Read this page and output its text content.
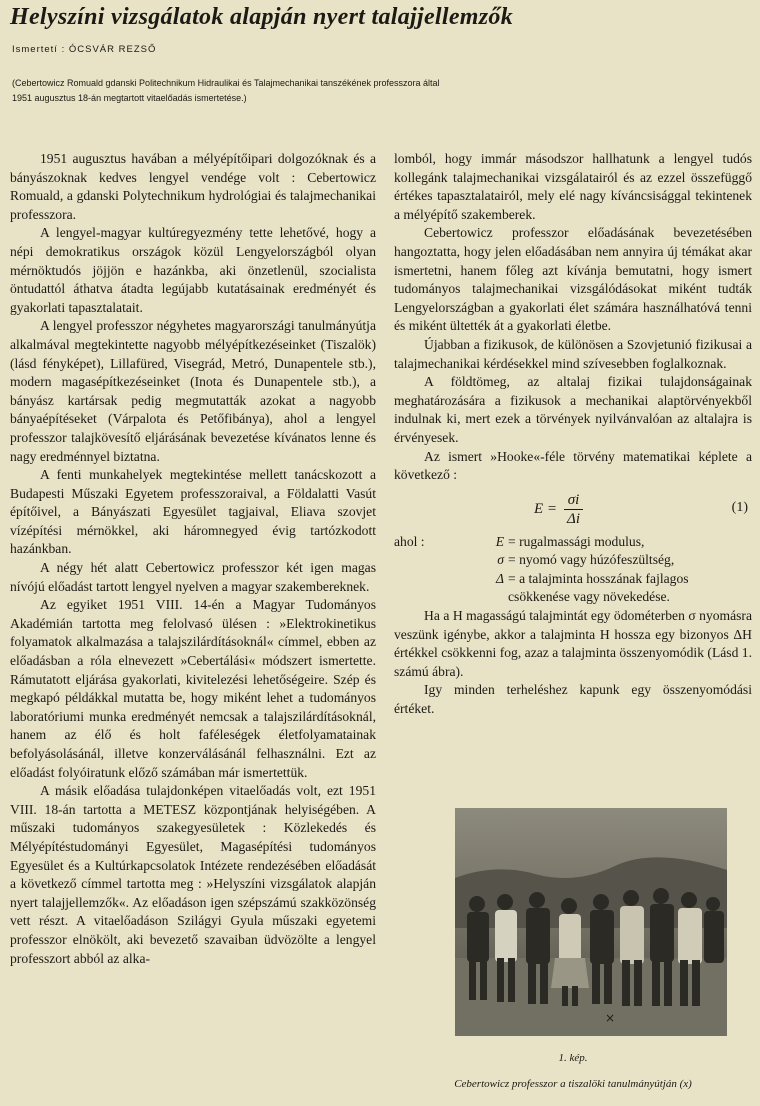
Helyszíni vizsgálatok alapján nyert talajjellemzők
Ismertetí : ÓCSVÁR REZSŐ
(Cebertowicz Romuald gdanski Politechnikum Hidraulikai és Talajmechanikai tanszékének professzora által
1951 augusztus 18-án megtartott vitaelőadás ismertetése.)

1951 augusztus havában a mélyépítőipari dolgozóknak és a bányászoknak kedves lengyel vendége volt : Cebertowicz Romuald, a gdanski Polytechnikum hydrológiai és talajmechanikai professzora.

A lengyel-magyar kultúregyezmény tette lehetővé, hogy a népi demokratikus országok közül Lengyelországból olyan mérnöktudós jöjjön e hazánkba, aki önzetlenül, szocialista öntudattól áthatva átadta legújabb kutatásainak eredményét és gyakorlati tapasztalatait.

A lengyel professzor négyhetes magyarországi tanulmányútja alkalmával megtekintette nagyobb mélyépítkezéseinket (Tiszalök) (lásd fényképet), Lillafüred, Visegrád, Metró, Dunapentele stb.), modern magasépítkezéseinket (Inota és Dunapentele stb.), a bányász kartársak pedig megmutatták azokat a nagyobb bányaépítéseket (Várpalota és Petőfibánya), ahol a lengyel professzor talajkövesítő eljárásának bevezetése kívánatos lenne és nagy eredménnyel biztatna.

A fenti munkahelyek megtekintése mellett tanácskozott a Budapesti Műszaki Egyetem professzoraival, a Földalatti Vasút építőivel, a Bányászati Egyesület tagjaival, Eliava szovjet vízépítési mérnökkel, aki háromnegyed évig tartózkodott hazánkban.

A négy hét alatt Cebertowicz professzor két igen magas nívójú előadást tartott lengyel nyelven a magyar szakembereknek.

Az egyiket 1951 VIII. 14-én a Magyar Tudományos Akadémián tartotta meg felolvasó ülésen : »Elektrokinetikus folyamatok alkalmazása a talajszilárdításoknál« címmel, ebben az előadásban a róla elnevezett »Cebertálási« módszert ismertette. Rámutatott eljárása gyakorlati, kivitelezési lehetőségeire. Szép és megkapó példákkal mutatta be, hogy miként lehet a tudományos laboratóriumi munka eredményét nemcsak a talajszilárdításoknál, hanem az élő és holt faféleségek életfolyamatainak befolyásolásánál, illetve konzerválásánál felhasználni. Ezt az előadást folyóiratunk előző számában már ismertettük.

A másik előadása tulajdonképen vitaelőadás volt, ezt 1951 VIII. 18-án tartotta a METESZ központjának helyiségében. A műszaki tudományos szakegyesületek : Közlekedés és Mélyépítéstudományi Egyesület, Magasépítési tudományos Egyesület és a Kultúrkapcsolatok Intézete rendezésében előadását a következő címmel tartotta meg : »Helyszíni vizsgálatok alapján nyert talajjellemzők«. Az előadáson igen szépszámú szakközönség vett részt. A vitaelőadáson Szilágyi Gyula műszaki egyetemi professzor elnökölt, aki bevezető szavaiban üdvözölte a lengyel professzort abból az alka-

lomból, hogy immár másodszor hallhatunk a lengyel tudós kollegánk talajmechanikai vizsgálatairól és az ezzel összefüggő értékes tapasztalatairól, mely elé nagy kíváncsisággal tekintenek a mélyépítő szakemberek.

Cebertowicz professzor előadásának bevezetésében hangoztatta, hogy jelen előadásában nem annyira új témákat akar ismertetni, hanem főleg azt kívánja bemutatni, hogy ismert tudományos talajmechanikai vizsgálódásokat miként tudták Lengyelországban a gyakorlati élet számára használhatóvá tenni és miként ültették át a gyakorlati életbe.

Újabban a fizikusok, de különösen a Szovjetunió fizikusai a talajmechanikai kérdésekkel mind szívesebben foglalkoznak.

A földtömeg, az altalaj fizikai tulajdonságainak meghatározására a fizikusok a mechanikai alaptörvényekből indulnak ki, mert ezek a törvények nyilvánvalóan az altalajra is érvényesek.

Az ismert »Hooke«-féle törvény matematikai képlete a következő :

$E = \frac{\sigma i}{\Delta i}$	(1)
ahol :	E = rugalmassági modulus,
σ = nyomó vagy húzófeszültség,
Δ = a talajminta hosszának fajlagos csökkenése vagy növekedése.

Ha a H magasságú talajmintát egy ödométerben σ nyomásra veszünk igénybe, akkor a talajminta H hossza egy bizonyos ΔH értékkel csökkenni fog, azaz a talajminta összenyomódik (Lásd 1. számú ábra).

Igy minden terheléshez kapunk egy összenyomódási értéket.

×
1. kép.
Cebertowicz professzor a tiszalöki tanulmányútján (x)
